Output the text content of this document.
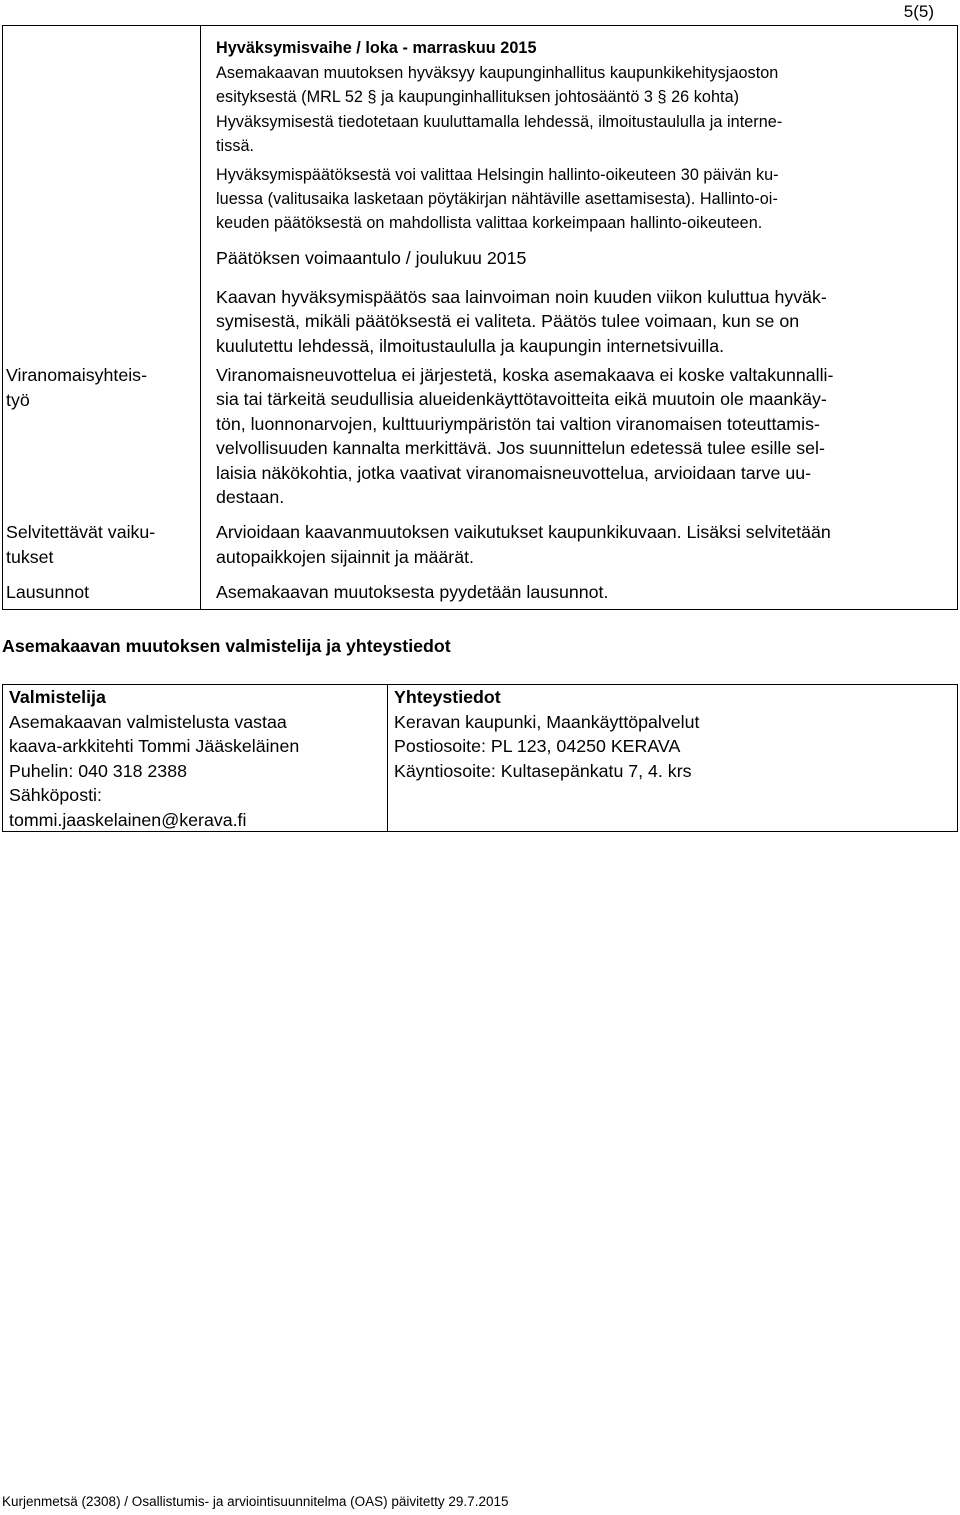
5(5)
Hyväksymisvaihe / loka - marraskuu 2015
Asemakaavan muutoksen hyväksyy kaupunginhallitus kaupunkikehitysjaoston
esityksestä (MRL 52 § ja kaupunginhallituksen johtosääntö 3 § 26 kohta)
Hyväksymisestä tiedotetaan kuuluttamalla lehdessä, ilmoitustaululla ja interne-
tissä.
Hyväksymispäätöksestä voi valittaa Helsingin hallinto-oikeuteen 30 päivän ku-
luessa (valitusaika lasketaan pöytäkirjan nähtäville asettamisesta). Hallinto-oi-
keuden päätöksestä on mahdollista valittaa korkeimpaan hallinto-oikeuteen.
Päätöksen voimaantulo / joulukuu 2015
Kaavan hyväksymispäätös saa lainvoiman noin kuuden viikon kuluttua hyväk-
symisestä, mikäli päätöksestä ei valiteta. Päätös tulee voimaan, kun se on
kuulutettu lehdessä, ilmoitustaululla ja kaupungin internetsivuilla.
Viranomaisyhteis-
työ
Viranomaisneuvottelua ei järjestetä, koska asemakaava ei koske valtakunnalli-
sia tai tärkeitä seudullisia alueidenkäyttötavoitteita eikä muutoin ole maankäy-
tön, luonnonarvojen, kulttuuriympäristön tai valtion viranomaisen toteuttamis-
velvollisuuden kannalta merkittävä. Jos suunnittelun edetessä tulee esille sel-
laisia näkökohtia, jotka vaativat viranomaisneuvottelua, arvioidaan tarve uu-
destaan.
Selvitettävät vaiku-
tukset
Arvioidaan kaavanmuutoksen vaikutukset kaupunkikuvaan. Lisäksi selvitetään
autopaikkojen sijainnit ja määrät.
Lausunnot	Asemakaavan muutoksesta pyydetään lausunnot.
Asemakaavan muutoksen valmistelija ja yhteystiedot
Valmistelija
Asemakaavan valmistelusta vastaa
kaava-arkkitehti Tommi Jääskeläinen
Puhelin: 040 318 2388
Sähköposti:
tommi.jaaskelainen@kerava.fi
Yhteystiedot
Keravan kaupunki, Maankäyttöpalvelut
Postiosoite: PL 123, 04250 KERAVA
Käyntiosoite: Kultasepänkatu 7, 4. krs
Kurjenmetsä (2308) / Osallistumis- ja arviointisuunnitelma (OAS) päivitetty 29.7.2015
